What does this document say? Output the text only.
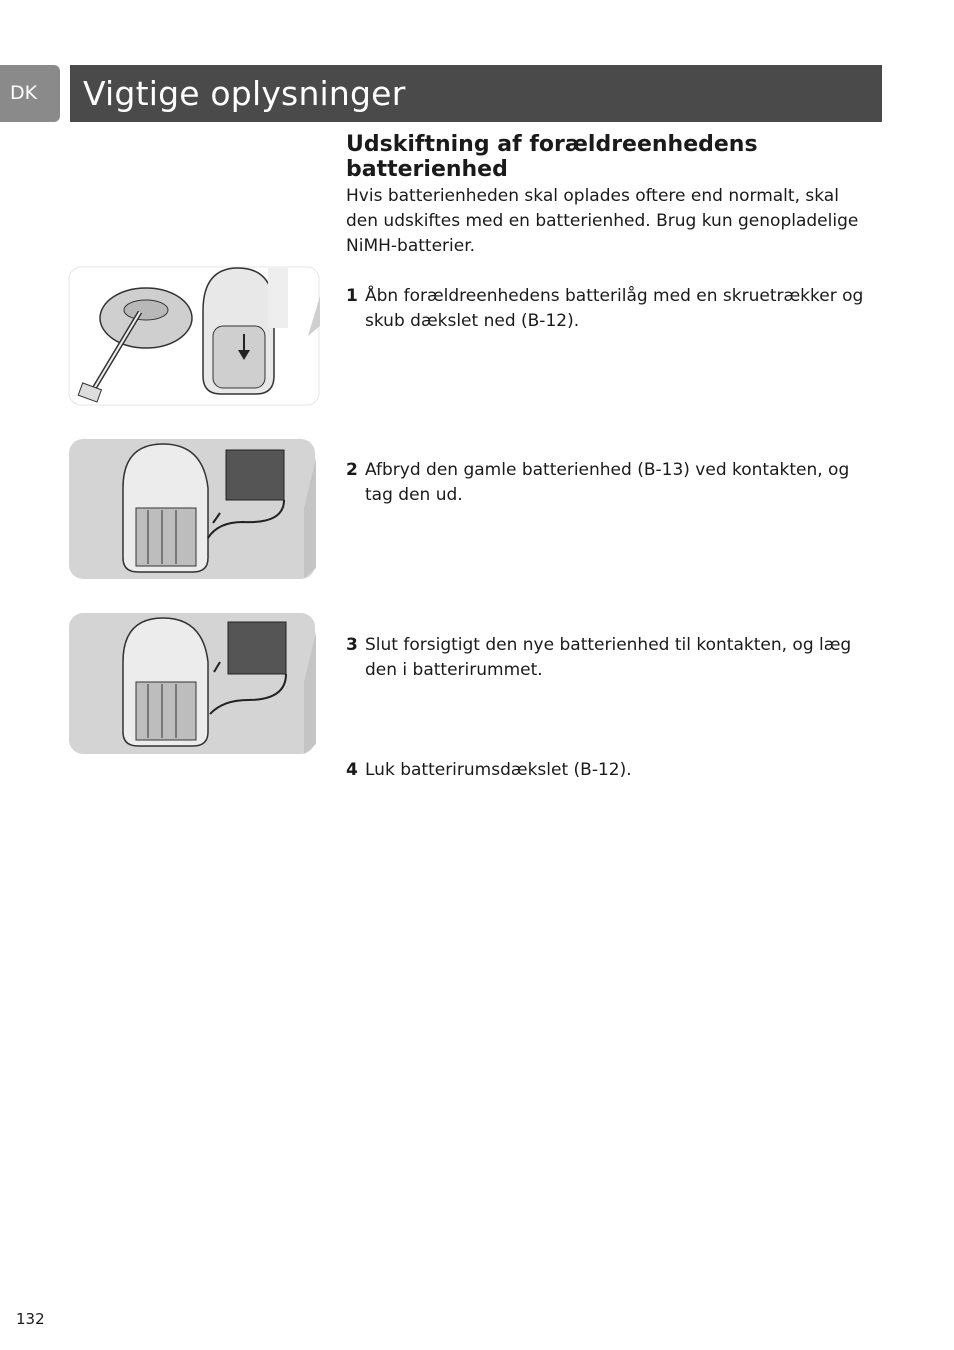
DK	Vigtige oplysninger
Udskiftning af forældreenhedens batterienhed

Hvis batterienheden skal oplades oftere end normalt, skal den udskiftes med en batterienhed. Brug kun genopladelige NiMH-batterier.

1 Åbn forældreenhedens batterilåg med en skruetrækker og skub dækslet ned (B-12).
2 Afbryd den gamle batterienhed (B-13) ved kontakten, og tag den ud.
3 Slut forsigtigt den nye batterienhed til kontakten, og læg den i batterirummet.
4 Luk batterirumsdækslet (B-12).
132
